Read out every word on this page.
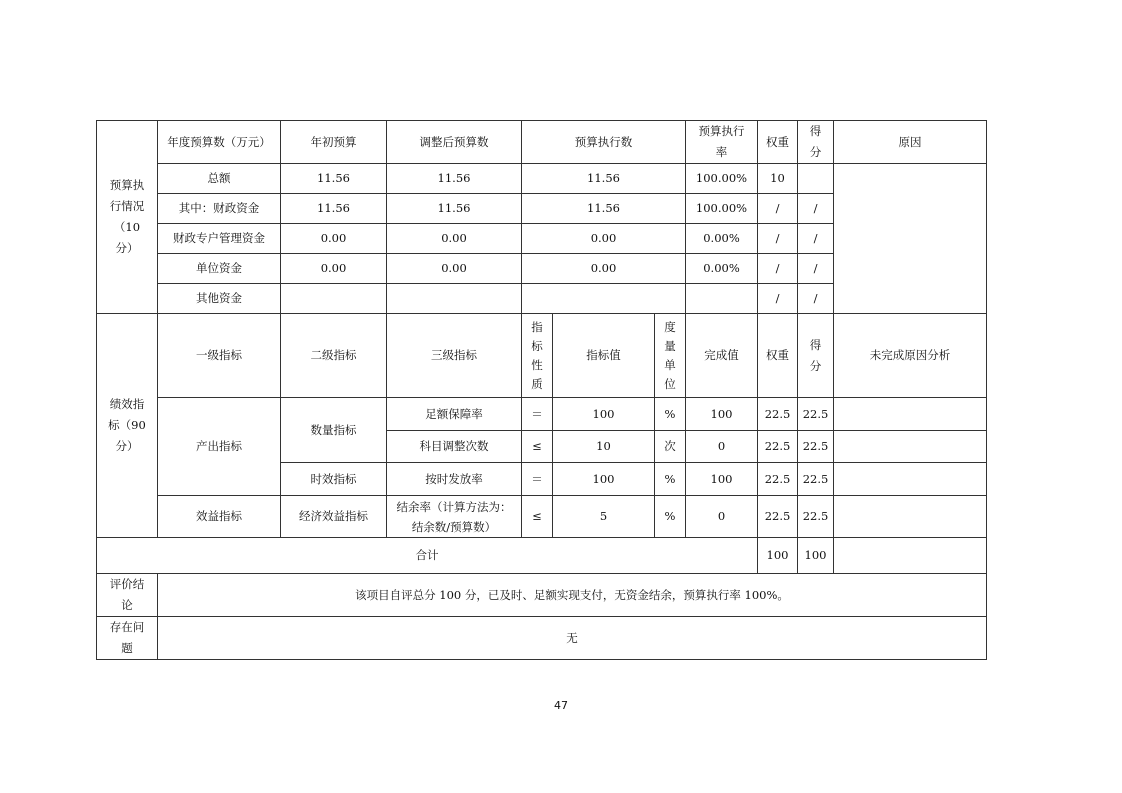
预算执行情况（10 分）	年度预算数（万元）	年初预算	调整后预算数	预算执行数			预算执行率	权重	得分	原因
	总额	11.56	11.56	11.56			100.00%	10		
	其中：财政资金	11.56	11.56	11.56			100.00%	/	/	
	财政专户管理资金	0.00	0.00	0.00			0.00%	/	/	
	单位资金	0.00	0.00	0.00			0.00%	/	/	
	其他资金							/	/	

绩效指标（90 分）	一级指标	二级指标	三级指标	指标性质	指标值	度量单位	完成值	权重	得分	未完成原因分析
	产出指标	数量指标	足额保障率	＝	100	%	100	22.5	22.5	
			科目调整次数	≤	10	次	0	22.5	22.5	
		时效指标	按时发放率	＝	100	%	100	22.5	22.5	
	效益指标	经济效益指标	结余率（计算方法为：结余数/预算数）	≤	5	%	0	22.5	22.5	
合计								100	100	

评价结论	该项目自评总分 100 分，已及时、足额实现支付，无资金结余，预算执行率 100%。									

存在问题	无									
47
